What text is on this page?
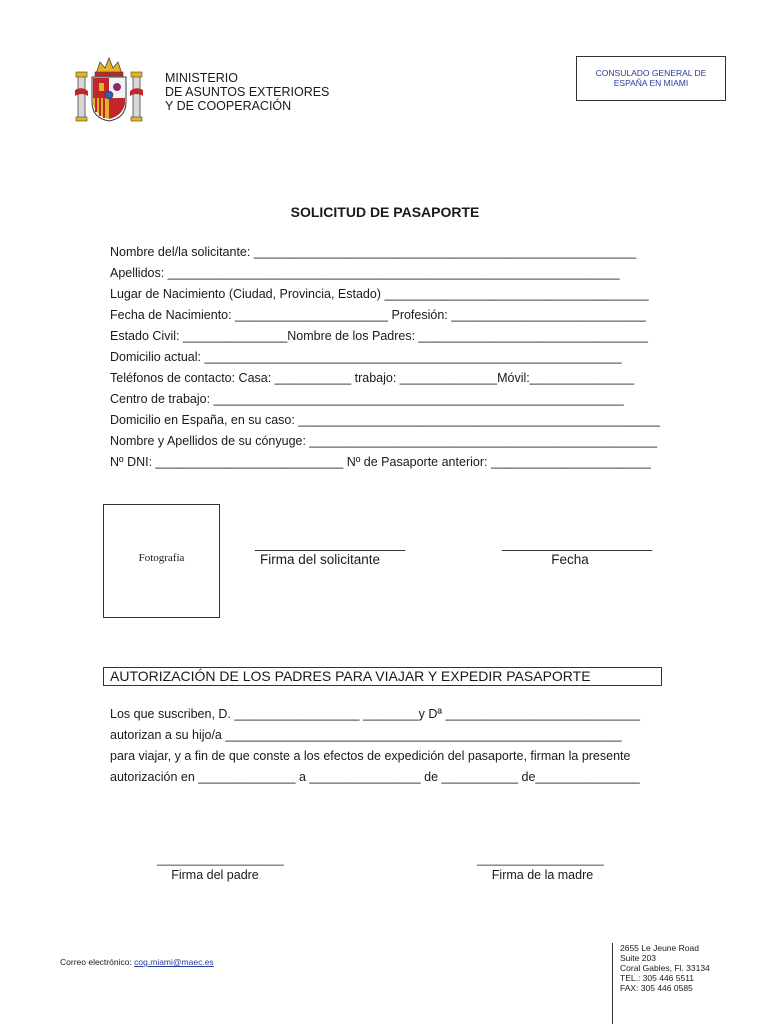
MINISTERIO
DE ASUNTOS EXTERIORES
Y DE COOPERACIÓN
CONSULADO GENERAL DE
ESPAÑA EN MIAMI
SOLICITUD DE PASAPORTE
Nombre del/la solicitante: _______________________________________________________
Apellidos: _________________________________________________________________
Lugar de Nacimiento (Ciudad, Provincia, Estado) ______________________________________
Fecha de Nacimiento: ______________________ Profesión: ____________________________
Estado Civil: _______________Nombre de los Padres: _________________________________
Domicilio actual: ____________________________________________________________
Teléfonos de contacto: Casa: ___________ trabajo: ______________Móvil:_______________
Centro de trabajo: ___________________________________________________________
Domicilio en España, en su caso: ____________________________________________________
Nombre y Apellidos de su cónyuge: __________________________________________________
Nº DNI: ___________________________ Nº de Pasaporte anterior: _______________________
Fotografía
____________________
Firma del solicitante
____________________
Fecha
AUTORIZACIÓN DE LOS PADRES PARA VIAJAR Y EXPEDIR PASAPORTE
Los que suscriben, D. __________________ ________y Dª ____________________________
autorizan a su hijo/a _________________________________________________________
para viajar, y a fin de que conste a los efectos de expedición del pasaporte, firman la presente
autorización en ______________ a ________________ de ___________ de_______________
___________________
Firma del padre
___________________
Firma de la madre
Correo electrónico: cog.miami@maec.es
2655 Le Jeune Road
Suite 203
Coral Gables, Fl. 33134
TEL.: 305 446 5511
FAX: 305 446 0585
